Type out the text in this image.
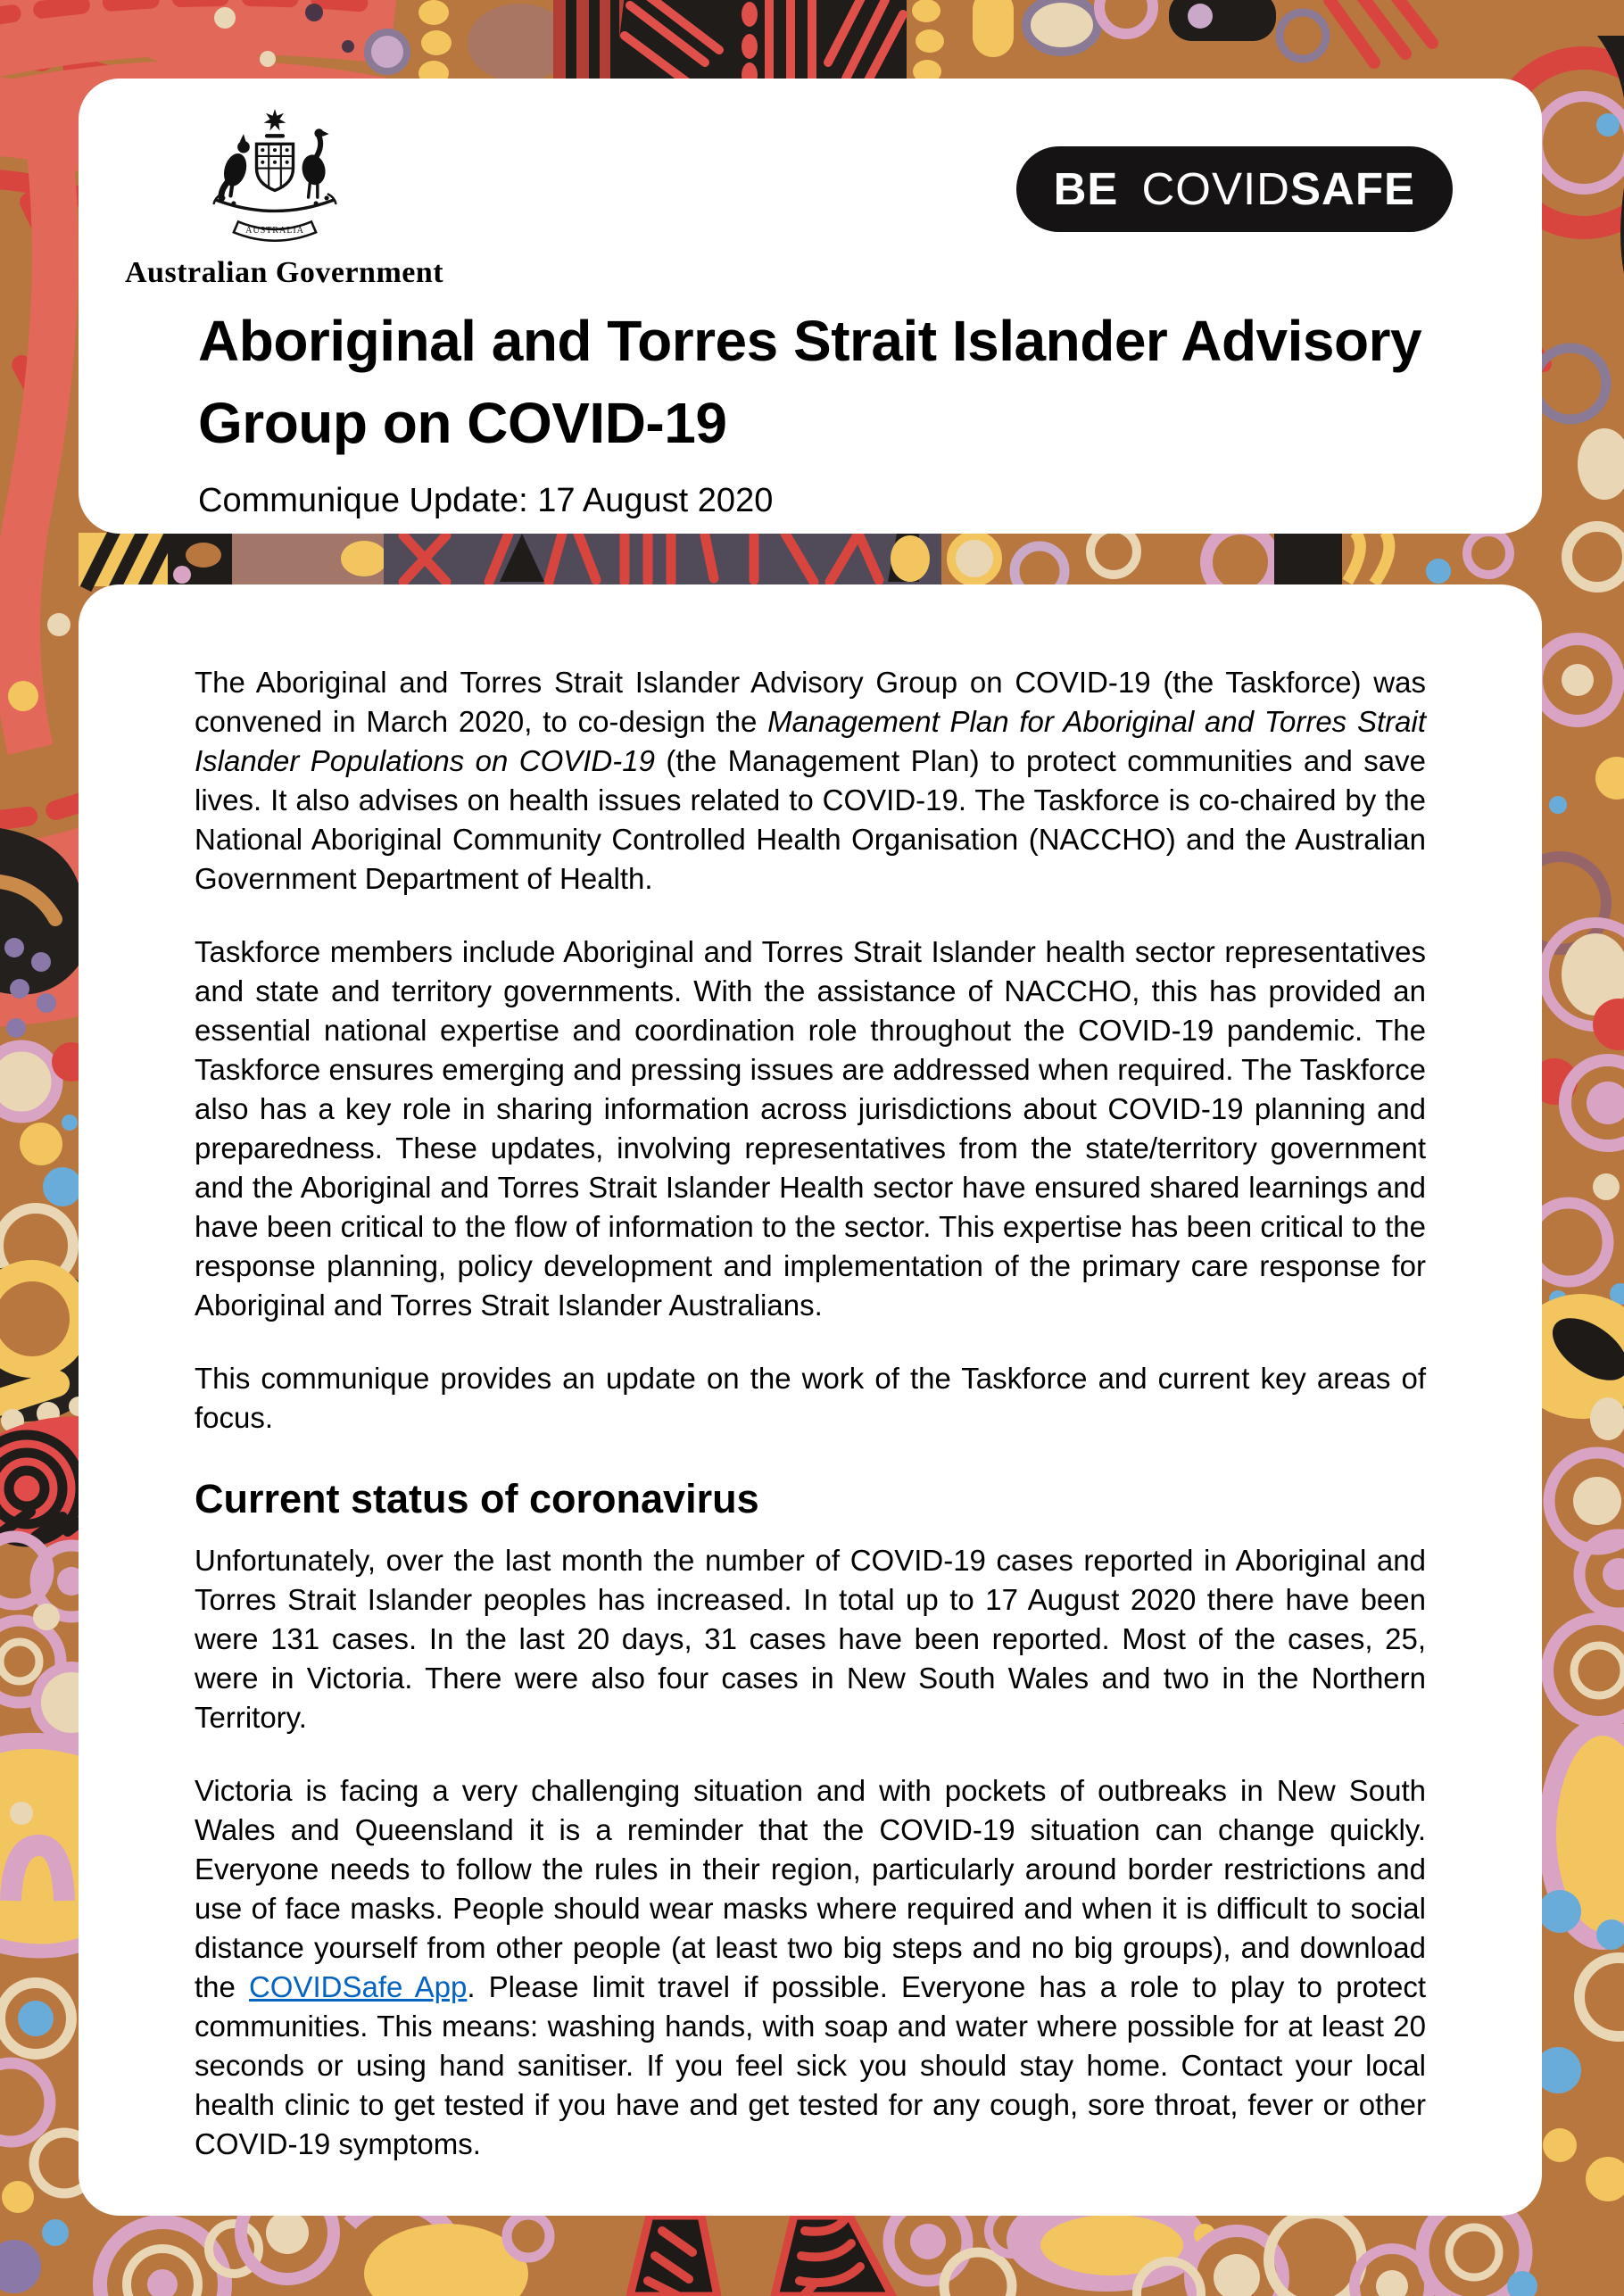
AUSTRALIA
Australian Government
BE COVIDSAFE
Aboriginal and Torres Strait Islander Advisory Group on COVID-19
Communique Update: 17 August 2020

The Aboriginal and Torres Strait Islander Advisory Group on COVID-19 (the Taskforce) was convened in March 2020, to co-design the Management Plan for Aboriginal and Torres Strait Islander Populations on COVID-19 (the Management Plan) to protect communities and save lives. It also advises on health issues related to COVID-19. The Taskforce is co-chaired by the National Aboriginal Community Controlled Health Organisation (NACCHO) and the Australian Government Department of Health.

Taskforce members include Aboriginal and Torres Strait Islander health sector representatives and state and territory governments. With the assistance of NACCHO, this has provided an essential national expertise and coordination role throughout the COVID-19 pandemic. The Taskforce ensures emerging and pressing issues are addressed when required. The Taskforce also has a key role in sharing information across jurisdictions about COVID-19 planning and preparedness. These updates, involving representatives from the state/territory government and the Aboriginal and Torres Strait Islander Health sector have ensured shared learnings and have been critical to the flow of information to the sector. This expertise has been critical to the response planning, policy development and implementation of the primary care response for Aboriginal and Torres Strait Islander Australians.

This communique provides an update on the work of the Taskforce and current key areas of focus.

Current status of coronavirus

Unfortunately, over the last month the number of COVID-19 cases reported in Aboriginal and Torres Strait Islander peoples has increased. In total up to 17 August 2020 there have been were 131 cases. In the last 20 days, 31 cases have been reported. Most of the cases, 25, were in Victoria. There were also four cases in New South Wales and two in the Northern Territory.

Victoria is facing a very challenging situation and with pockets of outbreaks in New South Wales and Queensland it is a reminder that the COVID-19 situation can change quickly. Everyone needs to follow the rules in their region, particularly around border restrictions and use of face masks. People should wear masks where required and when it is difficult to social distance yourself from other people (at least two big steps and no big groups), and download the COVIDSafe App. Please limit travel if possible. Everyone has a role to play to protect communities. This means: washing hands, with soap and water where possible for at least 20 seconds or using hand sanitiser. If you feel sick you should stay home. Contact your local health clinic to get tested if you have and get tested for any cough, sore throat, fever or other COVID-19 symptoms.
